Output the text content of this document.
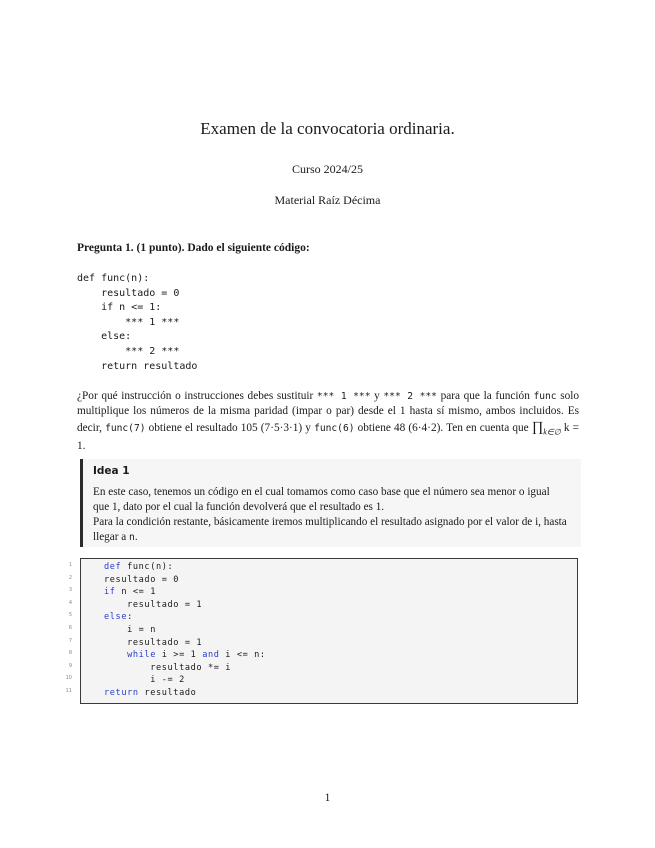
Examen de la convocatoria ordinaria.
Curso 2024/25
Material Raíz Décima
Pregunta 1. (1 punto). Dado el siguiente código:
def func(n):
resultado = 0
if n <= 1:
*** 1 ***
else:
*** 2 ***
return resultado
¿Por qué instrucción o instrucciones debes sustituir *** 1 *** y *** 2 *** para que la función func solo multiplique los números de la misma paridad (impar o par) desde el 1 hasta sí mismo, ambos incluidos. Es decir, func(7) obtiene el resultado 105 (7·5·3·1) y func(6) obtiene 48 (6·4·2). Ten en cuenta que $\prod_{k\in\emptyset}$ k = 1.
Idea 1
En este caso, tenemos un código en el cual tomamos como caso base que el número sea menor o igual que 1, dato por el cual la función devolverá que el resultado es 1.
Para la condición restante, básicamente iremos multiplicando el resultado asignado por el valor de i, hasta llegar a n.
1
2
3
4
5
6
7
8
9
10
11
def func(n):
resultado = 0
if n <= 1
resultado = 1
else:
i = n
resultado = 1
while i >= 1 and i <= n:
resultado *= i
i -= 2
return resultado
1
